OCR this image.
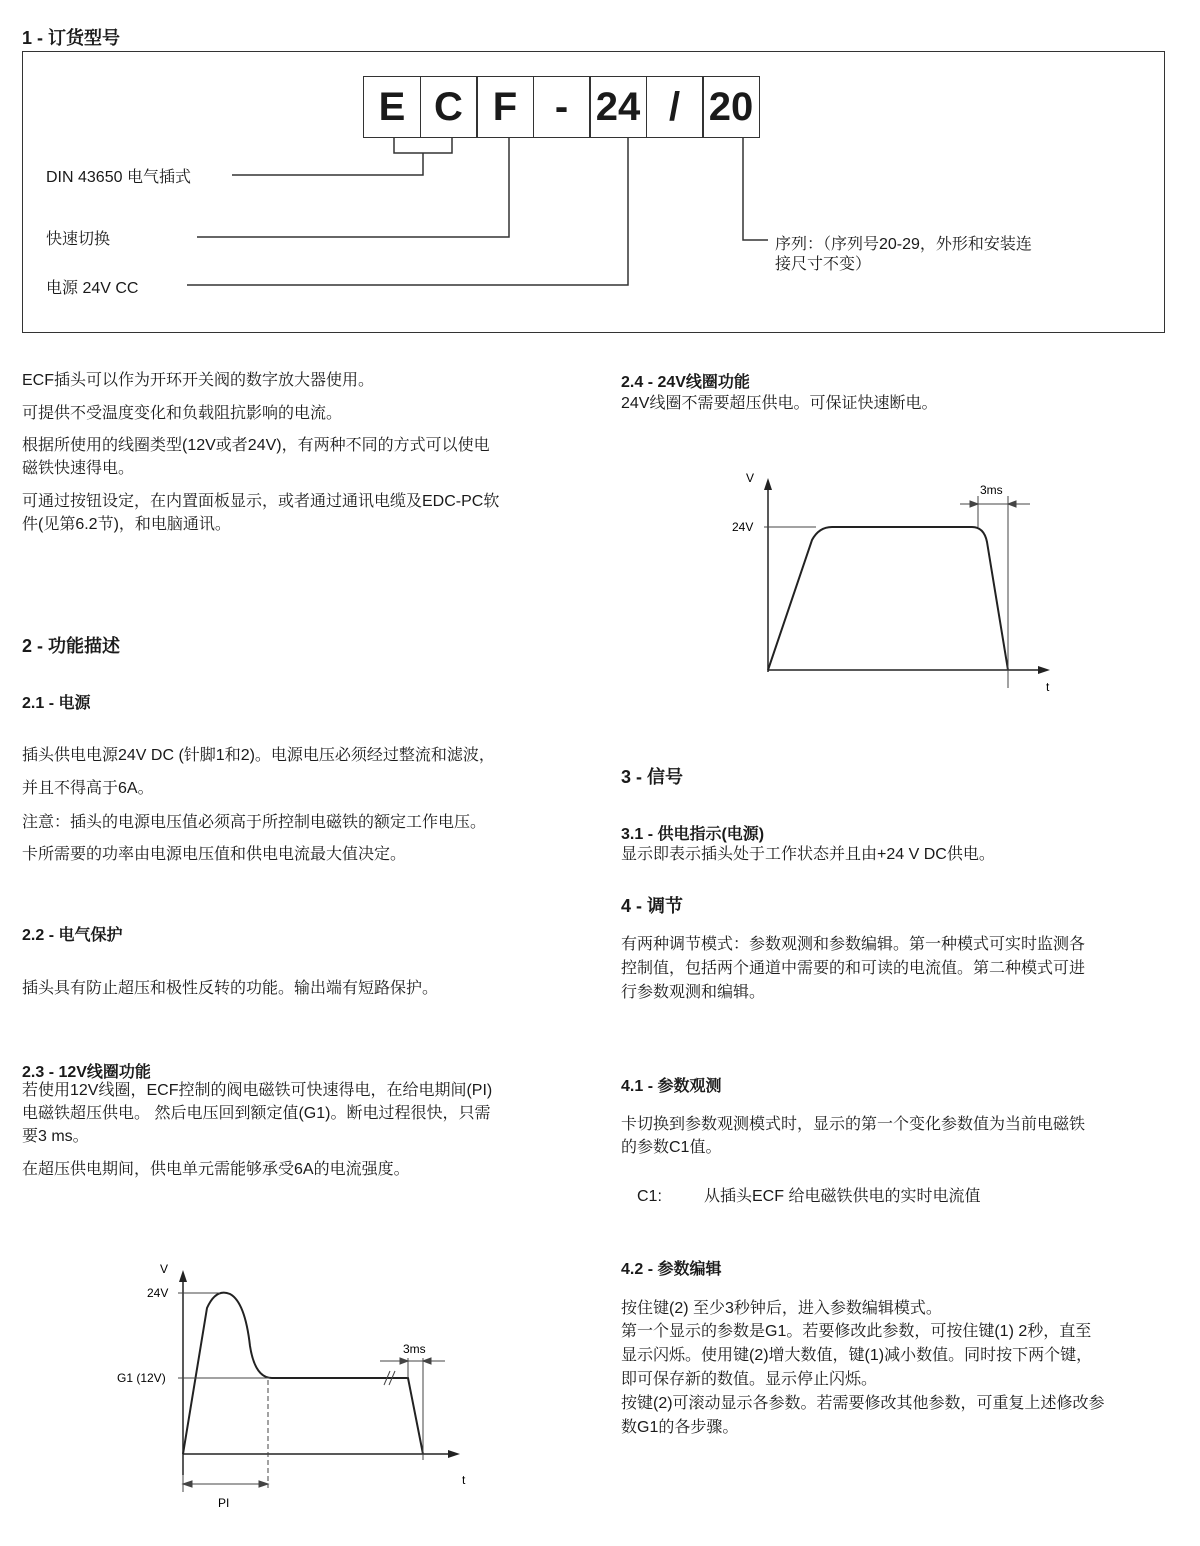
1 - 订货型号
E C F - 24 / 20
DIN 43650 电气插式
快速切换
电源 24V CC
序列：（序列号20-29，外形和安装连
接尺寸不变）
ECF插头可以作为开环开关阀的数字放大器使用。
可提供不受温度变化和负载阻抗影响的电流。
根据所使用的线圈类型(12V或者24V)，有两种不同的方式可以使电
磁铁快速得电。
可通过按钮设定，在内置面板显示，或者通过通讯电缆及EDC-PC软
件(见第6.2节)，和电脑通讯。
2 - 功能描述
2.1 - 电源
插头供电电源24V DC (针脚1和2)。电源电压必须经过整流和滤波，
并且不得高于6A。
注意：插头的电源电压值必须高于所控制电磁铁的额定工作电压。
卡所需要的功率由电源电压值和供电电流最大值决定。
2.2 - 电气保护
插头具有防止超压和极性反转的功能。输出端有短路保护。
2.3 - 12V线圈功能
若使用12V线圈，ECF控制的阀电磁铁可快速得电，在给电期间(PI)
电磁铁超压供电。 然后电压回到额定值(G1)。断电过程很快，只需
要3 ms。
在超压供电期间，供电单元需能够承受6A的电流强度。
V
24V
G1 (12V)
3ms
t
PI
2.4 - 24V线圈功能
24V线圈不需要超压供电。可保证快速断电。
V
24V
3ms
t
3 - 信号
3.1 - 供电指示(电源)
显示即表示插头处于工作状态并且由+24 V DC供电。
4 - 调节
有两种调节模式：参数观测和参数编辑。第一种模式可实时监测各
控制值，包括两个通道中需要的和可读的电流值。第二种模式可进
行参数观测和编辑。
4.1 - 参数观测
卡切换到参数观测模式时，显示的第一个变化参数值为当前电磁铁
的参数C1值。
C1:	从插头ECF 给电磁铁供电的实时电流值
4.2 - 参数编辑
按住键(2) 至少3秒钟后，进入参数编辑模式。
第一个显示的参数是G1。若要修改此参数，可按住键(1) 2秒，直至
显示闪烁。使用键(2)增大数值，键(1)减小数值。同时按下两个键，
即可保存新的数值。显示停止闪烁。
按键(2)可滚动显示各参数。若需要修改其他参数，可重复上述修改参
数G1的各步骤。
